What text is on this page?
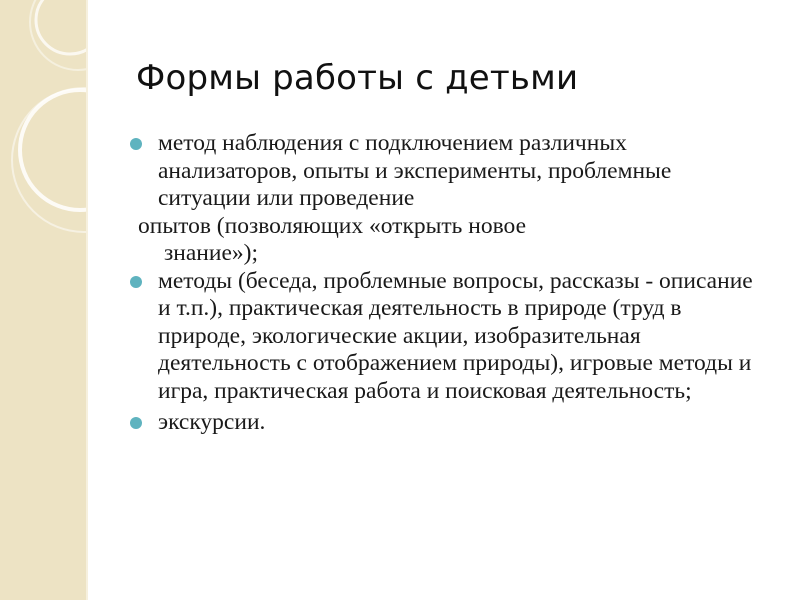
Формы работы с детьми
метод наблюдения с подключением различных анализаторов, опыты и эксперименты, проблемные ситуации или проведение
опытов (позволяющих «открыть новое
знание»);
методы (беседа, проблемные вопросы, рассказы - описание и т.п.), практическая деятельность в природе (труд в природе, экологические акции, изобразительная деятельность с отображением природы), игровые методы и игра, практическая работа и поисковая деятельность;
экскурсии.
